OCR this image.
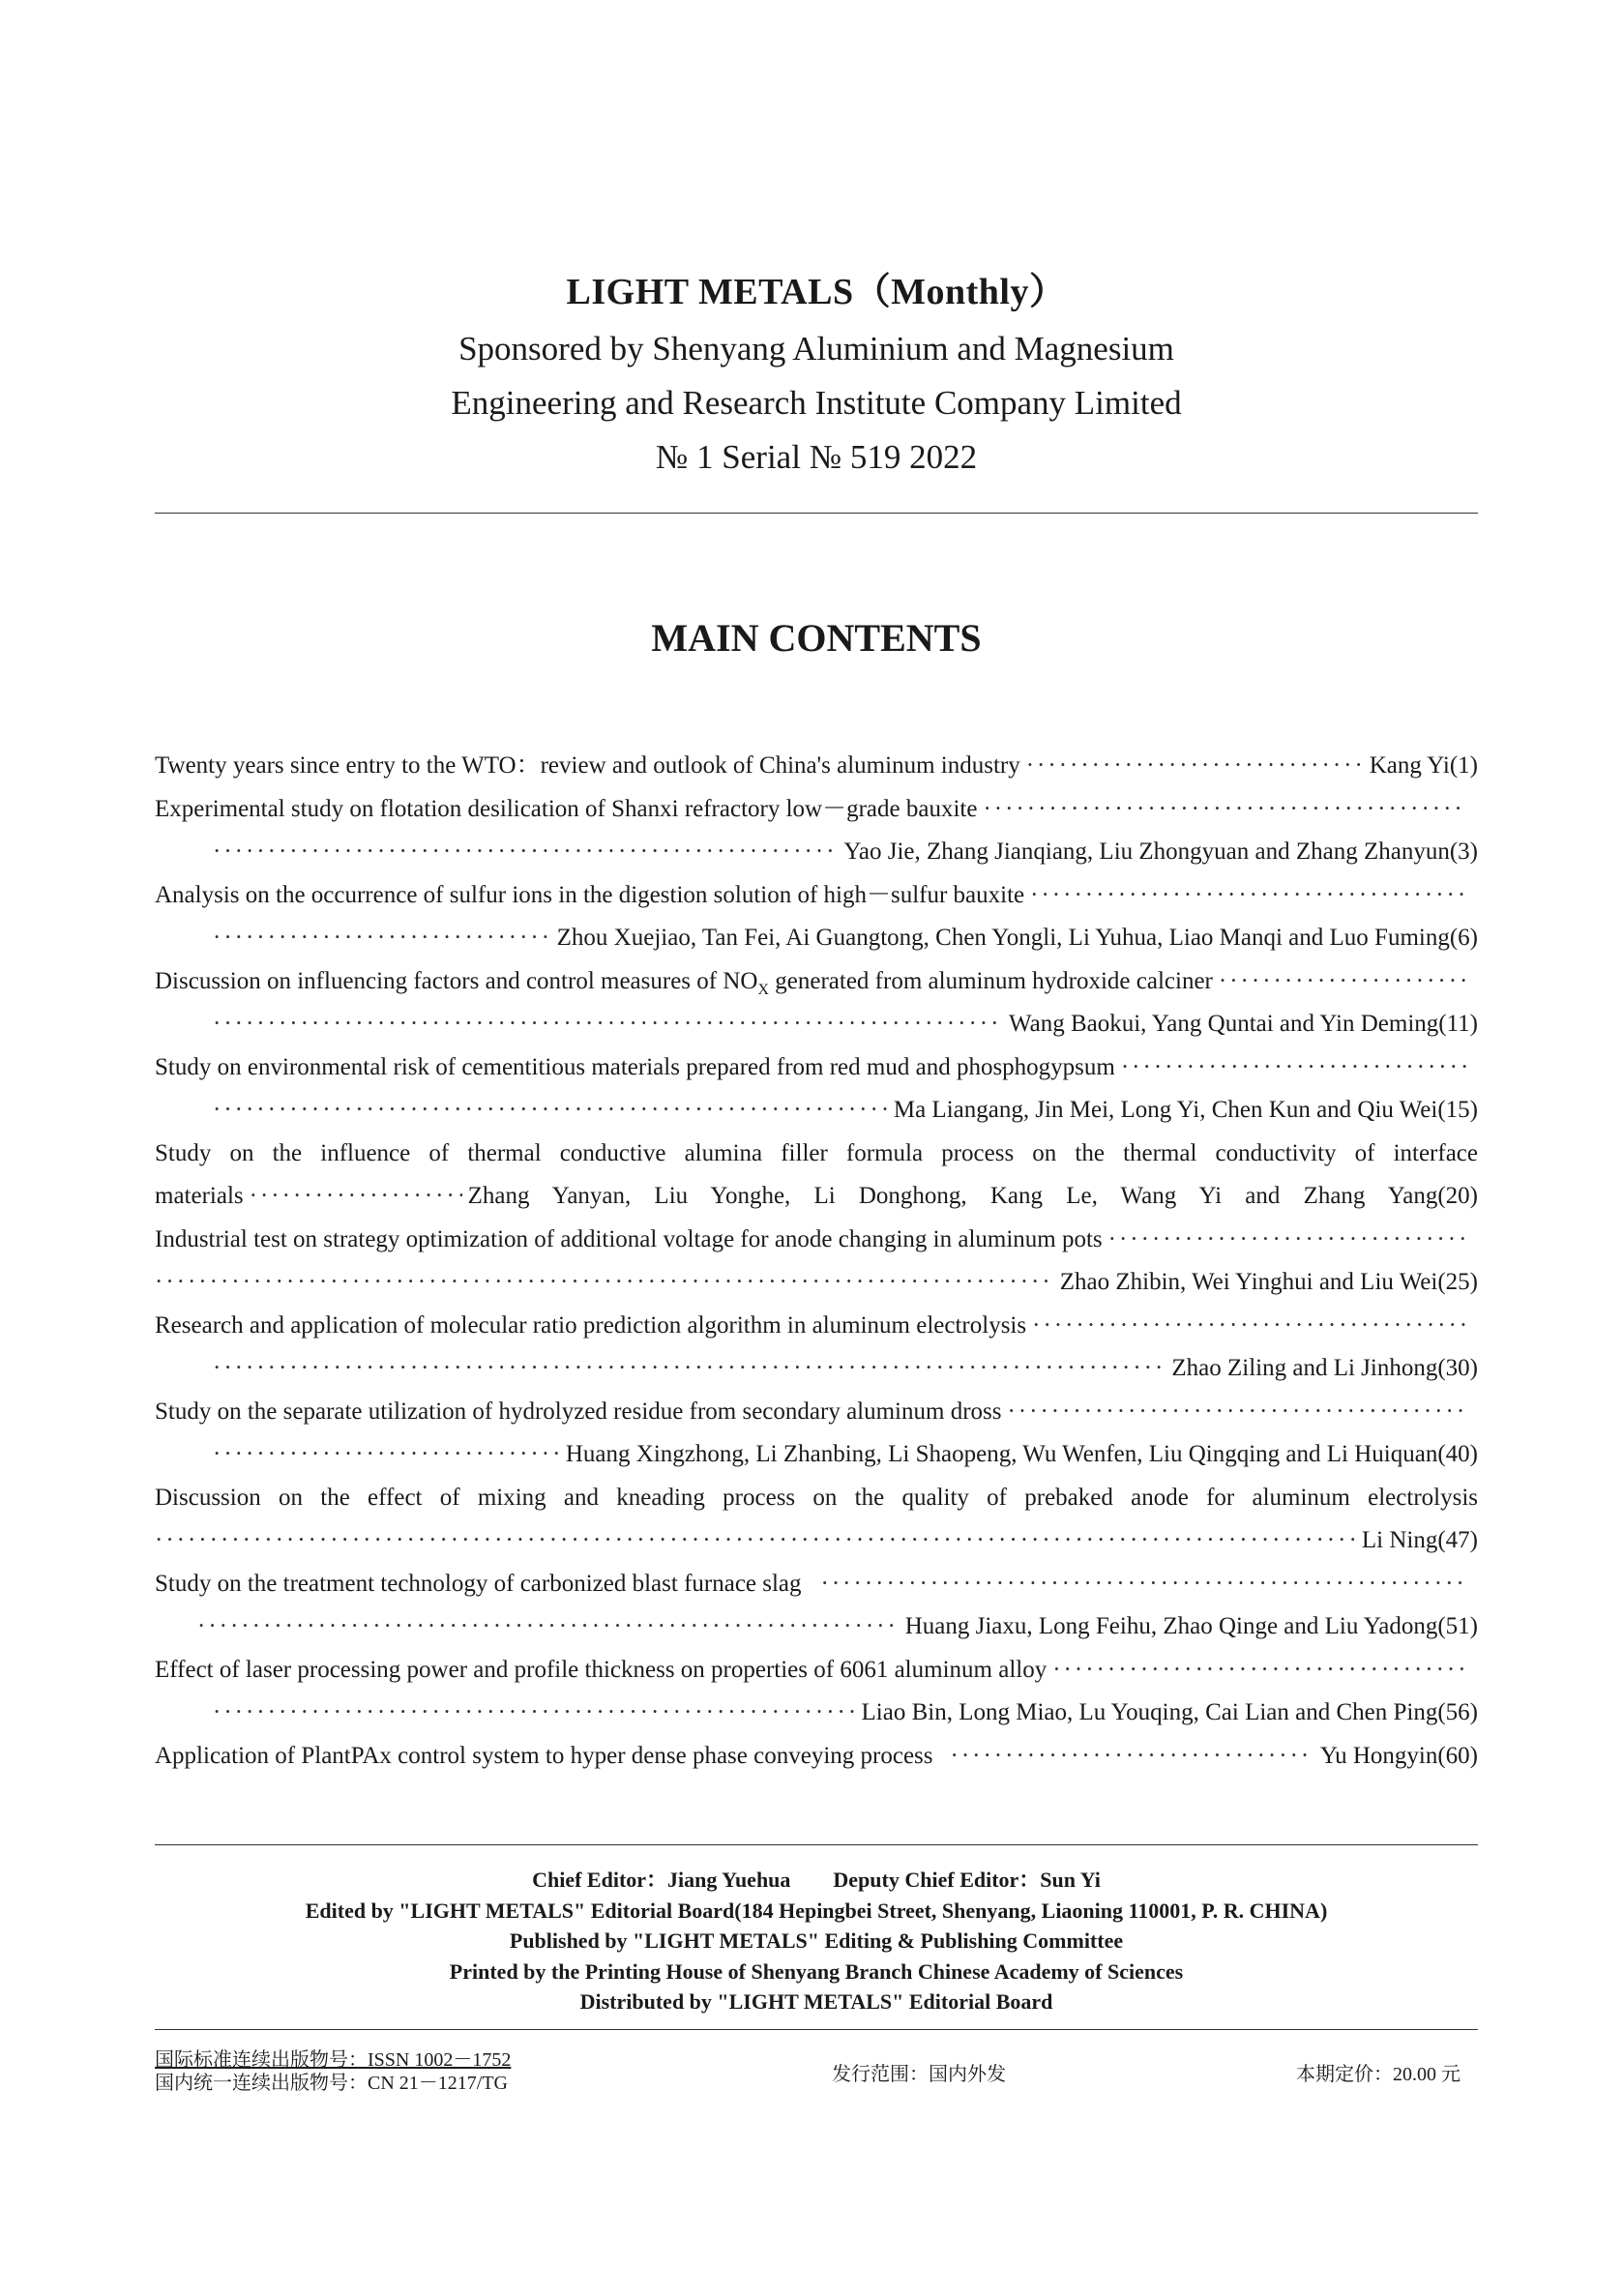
LIGHT METALS（Monthly）
Sponsored by Shenyang Aluminium and Magnesium
Engineering and Research Institute Company Limited
№ 1 Serial № 519 2022
MAIN CONTENTS
Twenty years since entry to the WTO：review and outlook of China's aluminum industry ·····	Kang Yi(1)
Experimental study on flotation desilication of Shanxi refractory low－grade bauxite
·····
·····
Yao Jie, Zhang Jianqiang, Liu Zhongyuan and Zhang Zhanyun(3)
Analysis on the occurrence of sulfur ions in the digestion solution of high－sulfur bauxite
·····
·····
Zhou Xuejiao, Tan Fei, Ai Guangtong, Chen Yongli, Li Yuhua, Liao Manqi and Luo Fuming(6)
Discussion on influencing factors and control measures of $NO_X$ generated from aluminum hydroxide calciner
·····
·····
Wang Baokui, Yang Quntai and Yin Deming(11)
Study on environmental risk of cementitious materials prepared from red mud and phosphogypsum
·····
·····
Ma Liangang, Jin Mei, Long Yi, Chen Kun and Qiu Wei(15)
Study on the influence of thermal conductive alumina filler formula process on the thermal conductivity of interface
materials ·····	Zhang Yanyan, Liu Yonghe, Li Donghong, Kang Le, Wang Yi and Zhang Yang(20)
Industrial test on strategy optimization of additional voltage for anode changing in aluminum pots
·····
·····
Zhao Zhibin, Wei Yinghui and Liu Wei(25)
Research and application of molecular ratio prediction algorithm in aluminum electrolysis
·····
·····
Zhao Ziling and Li Jinhong(30)
Study on the separate utilization of hydrolyzed residue from secondary aluminum dross
·····
·····
Huang Xingzhong, Li Zhanbing, Li Shaopeng, Wu Wenfen, Liu Qingqing and Li Huiquan(40)
Discussion on the effect of mixing and kneading process on the quality of prebaked anode for aluminum electrolysis
·····
Li Ning(47)
Study on the treatment technology of carbonized blast furnace slag
·····
·····
Huang Jiaxu, Long Feihu, Zhao Qinge and Liu Yadong(51)
Effect of laser processing power and profile thickness on properties of 6061 aluminum alloy
·····
·····
Liao Bin, Long Miao, Lu Youqing, Cai Lian and Chen Ping(56)
Application of PlantPAx control system to hyper dense phase conveying process ·····	Yu Hongyin(60)
Chief Editor：Jiang Yuehua　　Deputy Chief Editor：Sun Yi
Edited by "LIGHT METALS" Editorial Board(184 Hepingbei Street, Shenyang, Liaoning 110001, P. R. CHINA)
Published by "LIGHT METALS" Editing & Publishing Committee
Printed by the Printing House of Shenyang Branch Chinese Academy of Sciences
Distributed by "LIGHT METALS" Editorial Board
国际标准连续出版物号：ISSN 1002－1752
国内统一连续出版物号：CN 21－1217/TG	发行范围：国内外发	本期定价：20.00 元
